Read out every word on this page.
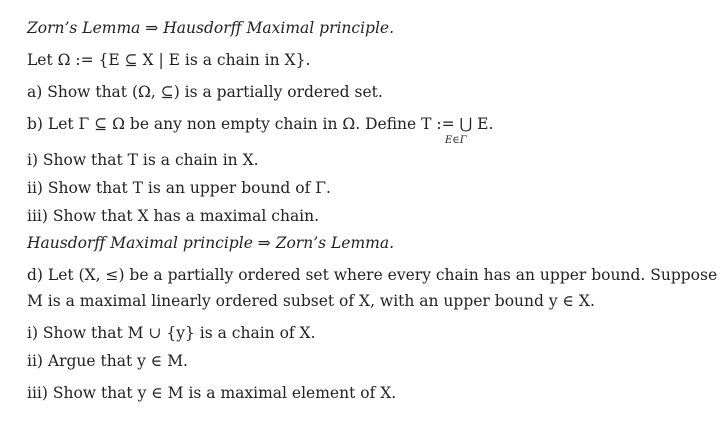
Zorn’s Lemma ⇒ Hausdorff Maximal principle.
Let Ω := {E ⊆ X | E is a chain in X}.
a) Show that (Ω, ⊆) is a partially ordered set.
b) Let Γ ⊆ Ω be any non empty chain in Ω. Define T := ⋃ E.
E∈Γ
i) Show that T is a chain in X.
ii) Show that T is an upper bound of Γ.
iii) Show that X has a maximal chain.
Hausdorff Maximal principle ⇒ Zorn’s Lemma.
d) Let (X, ≤) be a partially ordered set where every chain has an upper bound. Suppose
M is a maximal linearly ordered subset of X, with an upper bound y ∈ X.
i) Show that M ∪ {y} is a chain of X.
ii) Argue that y ∈ M.
iii) Show that y ∈ M is a maximal element of X.
